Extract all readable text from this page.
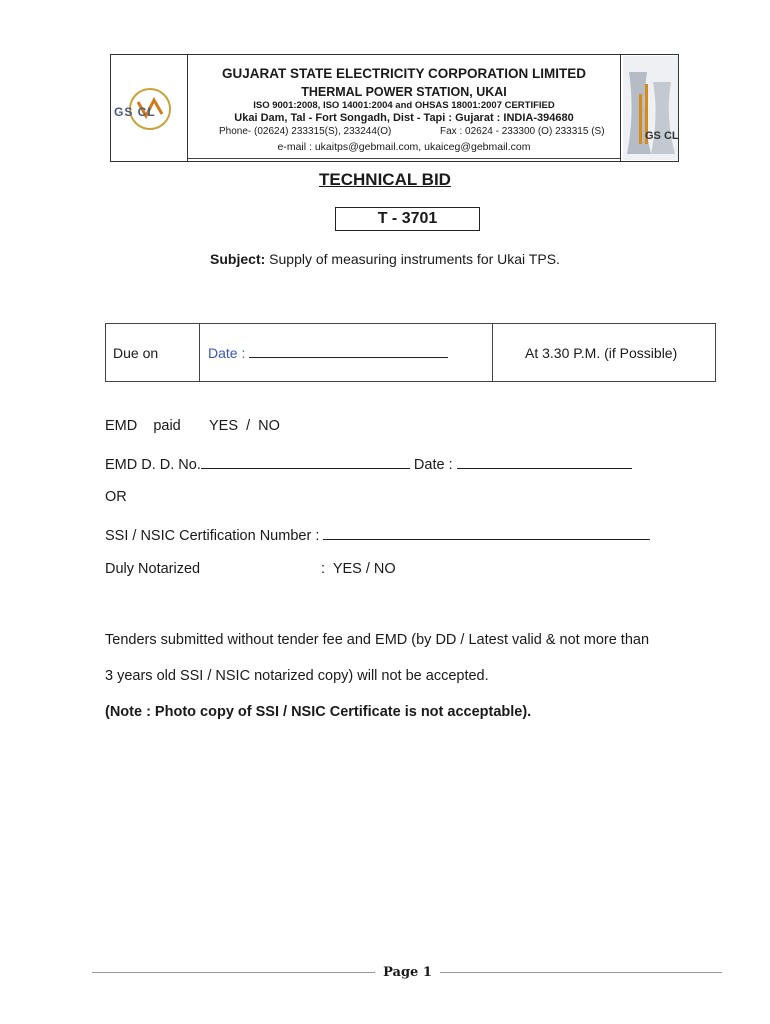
GS CL
GS CL
GUJARAT STATE ELECTRICITY CORPORATION LIMITED
THERMAL POWER STATION, UKAI
ISO 9001:2008, ISO 14001:2004 and OHSAS 18001:2007 CERTIFIED
Ukai Dam, Tal - Fort Songadh, Dist - Tapi : Gujarat : INDIA-394680
Phone- (02624) 233315(S), 233244(O)	Fax : 02624 - 233300 (O) 233315 (S)
e-mail : ukaitps@gebmail.com, ukaiceg@gebmail.com
TECHNICAL BID
T - 3701
Subject: Supply of measuring instruments for Ukai TPS.
Due on	Date :	At 3.30 P.M. (if Possible)
EMD    paid YES  /  NO
EMD D. D. No.	Date :
OR
SSI / NSIC Certification Number :
Duly Notarized	:  YES / NO
Tenders submitted without tender fee and EMD (by DD / Latest valid & not more than
3 years old SSI / NSIC notarized copy) will not be accepted.
(Note : Photo copy of SSI / NSIC Certificate is not acceptable).
Page 1
